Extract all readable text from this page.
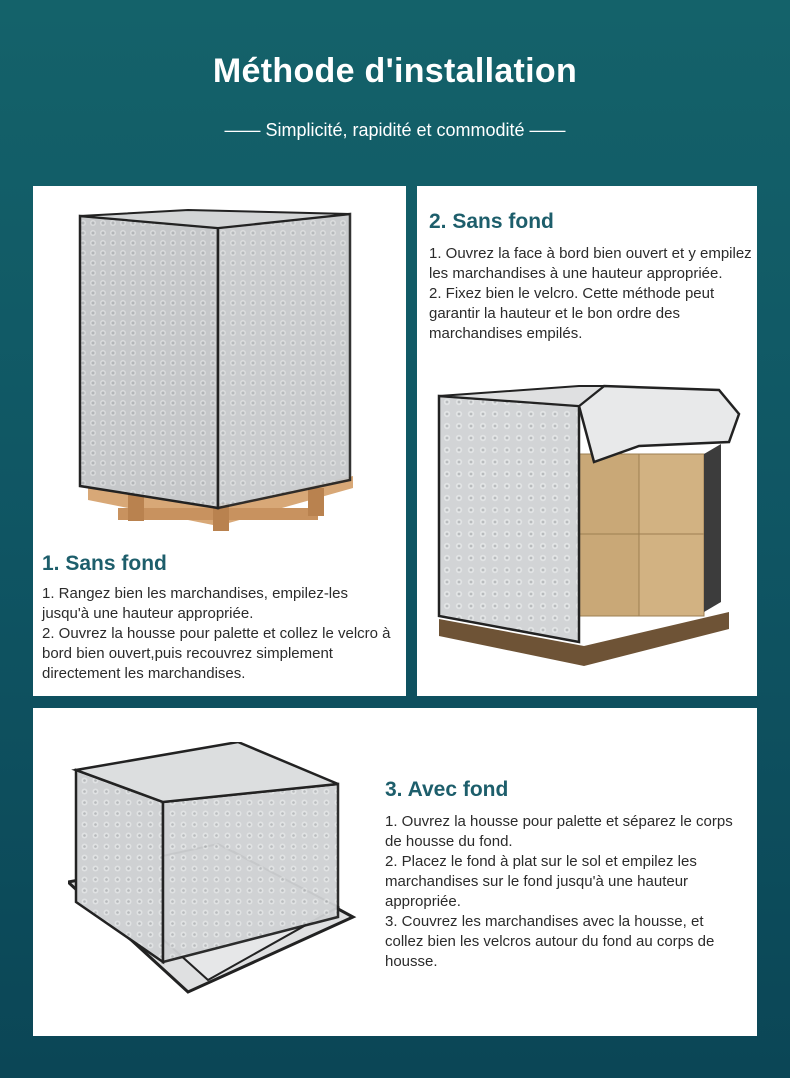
Méthode d'installation
—— Simplicité, rapidité et commodité ——
1. Sans fond

1. Rangez bien les marchandises, empilez-les jusqu'à une hauteur appropriée.

2. Ouvrez la housse pour palette et collez le velcro à bord bien ouvert,puis recouvrez simplement directement les marchandises.

2. Sans fond

1. Ouvrez la face à bord bien ouvert et y empilez les marchandises à une hauteur appropriée.

2. Fixez bien le velcro. Cette méthode peut garantir la hauteur et le bon ordre des marchandises empilés.

3. Avec fond

1. Ouvrez la housse pour palette et séparez le corps de housse du fond.

2. Placez le fond à plat sur le sol et empilez les marchandises sur le fond jusqu'à une hauteur appropriée.

3. Couvrez les marchandises avec la housse, et collez bien les velcros autour du fond au corps de housse.
